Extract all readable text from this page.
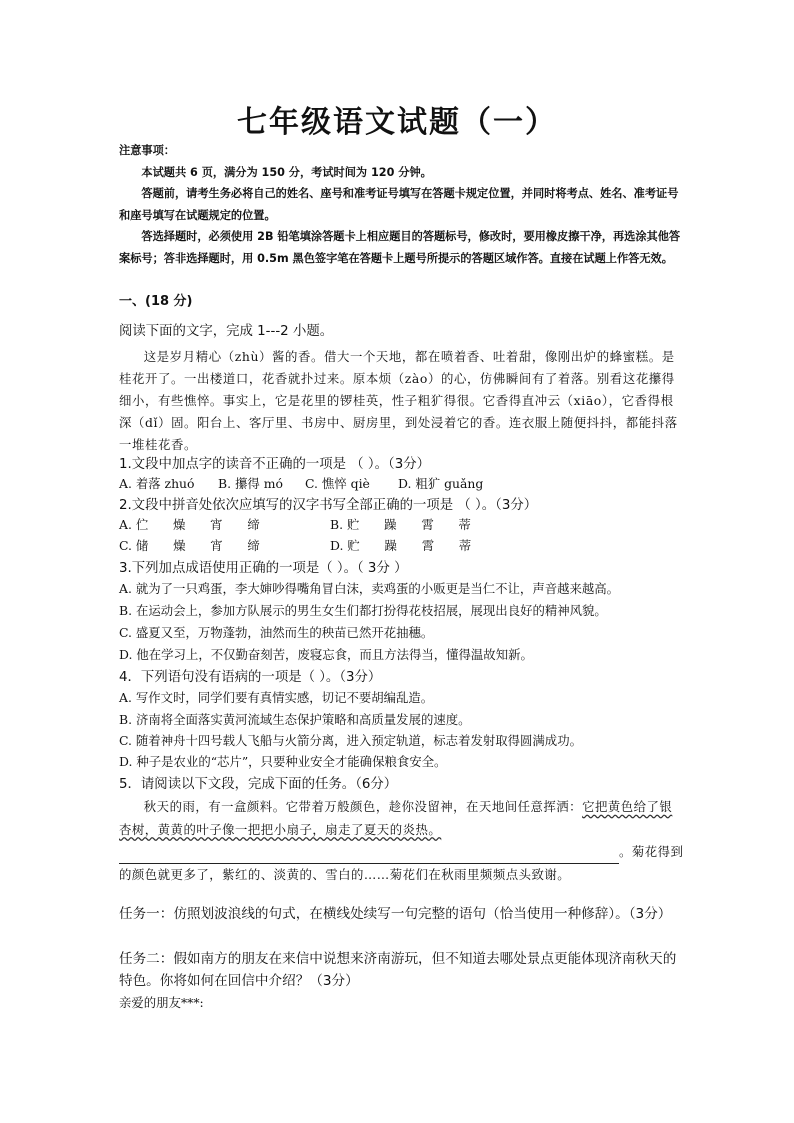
七年级语文试题（一）

注意事项：

本试题共 6 页，满分为 150 分，考试时间为 120 分钟。

答题前，请考生务必将自己的姓名、座号和准考证号填写在答题卡规定位置，并同时将考点、姓名、准考证号和座号填写在试题规定的位置。

答选择题时，必须使用 2B 铅笔填涂答题卡上相应题目的答题标号，修改时，要用橡皮擦干净，再选涂其他答案标号；答非选择题时，用 0.5m 黑色签字笔在答题卡上题号所提示的答题区域作答。直接在试题上作答无效。

一、(18 分)
阅读下面的文字，完成 1---2 小题。
这是岁月精心（zhù）酱的香。借大一个天地，都在喷着香、吐着甜，像刚出炉的蜂蜜糕。是桂花开了。一出楼道口，花香就扑过来。原本烦（zào）的心，仿佛瞬间有了着落。别看这花攥得细小，有些憔悴。事实上，它是花里的锣桂英，性子粗犷得很。它香得直冲云（xiāo），它香得根深（dǐ）固。阳台上、客厅里、书房中、厨房里，到处浸着它的香。连衣服上随便抖抖，都能抖落一堆桂花香。
1.文段中加点字的读音不正确的一项是 （ ）。（3分）
A. 着落 zhuó B. 攥得 mó C. 憔悴 qiè D. 粗犷 guǎng
2.文段中拼音处依次应填写的汉字书写全部正确的一项是 （ ）。（3分）
A. 伫　　燥　　宵　　缔	B. 贮　　躁　　霄　　蒂
C. 储　　燥　　宵　　缔	D. 贮　　躁　　霄　　蒂
3.下列加点成语使用正确的一项是（ ）。（ 3分 ）
A. 就为了一只鸡蛋，李大婶吵得嘴角冒白沫，卖鸡蛋的小贩更是当仁不让，声音越来越高。
B. 在运动会上，参加方队展示的男生女生们都打扮得花枝招展，展现出良好的精神风貌。
C. 盛夏又至，万物蓬勃，油然而生的秧苗已然开花抽穗。
D. 他在学习上，不仅勤奋刻苦，废寝忘食，而且方法得当，懂得温故知新。
4．下列语句没有语病的一项是（ ）。（3分）
A. 写作文时，同学们要有真情实感，切记不要胡编乱造。
B. 济南将全面落实黄河流域生态保护策略和高质量发展的速度。
C. 随着神舟十四号载人飞船与火箭分离，进入预定轨道，标志着发射取得圆满成功。
D. 种子是农业的“芯片”，只要种业安全才能确保粮食安全。
5．请阅读以下文段，完成下面的任务。（6分）
秋天的雨，有一盒颜料。它带着万般颜色，趁你没留神，在天地间任意挥洒：它把黄色给了银杏树，黄黄的叶子像一把把小扇子，扇走了夏天的炎热。。菊花得到的颜色就更多了，紫红的、淡黄的、雪白的……菊花们在秋雨里频频点头致谢。
任务一：仿照划波浪线的句式，在横线处续写一句完整的语句（恰当使用一种修辞）。（3分）
任务二：假如南方的朋友在来信中说想来济南游玩，但不知道去哪处景点更能体现济南秋天的特色。你将如何在回信中介绍？（3分）
亲爱的朋友***:
